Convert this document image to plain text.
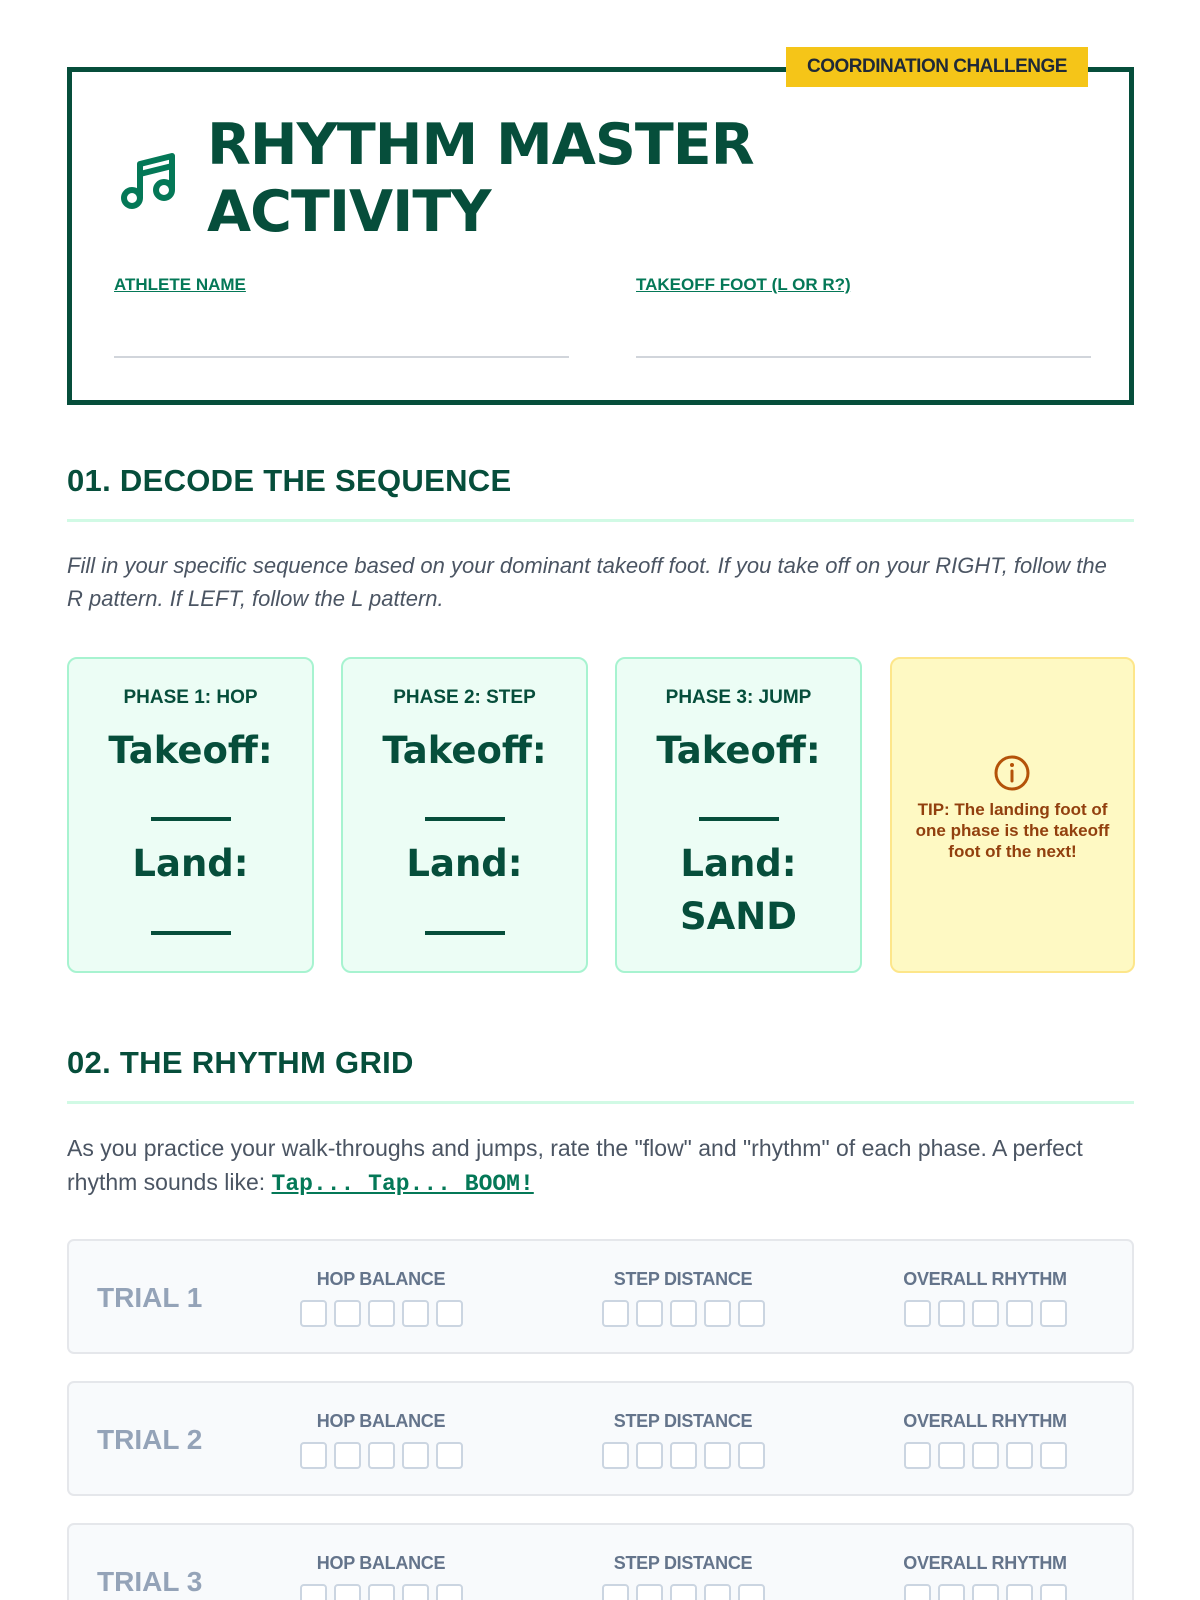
COORDINATION CHALLENGE
RHYTHM MASTER
ACTIVITY
ATHLETE NAME	TAKEOFF FOOT (L OR R?)
01. DECODE THE SEQUENCE
Fill in your specific sequence based on your dominant takeoff foot. If you take off on your RIGHT, follow the R pattern. If LEFT, follow the L pattern.
PHASE 1: HOP
Takeoff:
Land:
PHASE 2: STEP
Takeoff:
Land:
PHASE 3: JUMP
Takeoff:
Land:
SAND
TIP: The landing foot of one phase is the takeoff foot of the next!
02. THE RHYTHM GRID
As you practice your walk-throughs and jumps, rate the "flow" and "rhythm" of each phase. A perfect rhythm sounds like: Tap... Tap... BOOM!
TRIAL 1
HOP BALANCE	STEP DISTANCE	OVERALL RHYTHM
TRIAL 2
HOP BALANCE	STEP DISTANCE	OVERALL RHYTHM
TRIAL 3
HOP BALANCE	STEP DISTANCE	OVERALL RHYTHM
